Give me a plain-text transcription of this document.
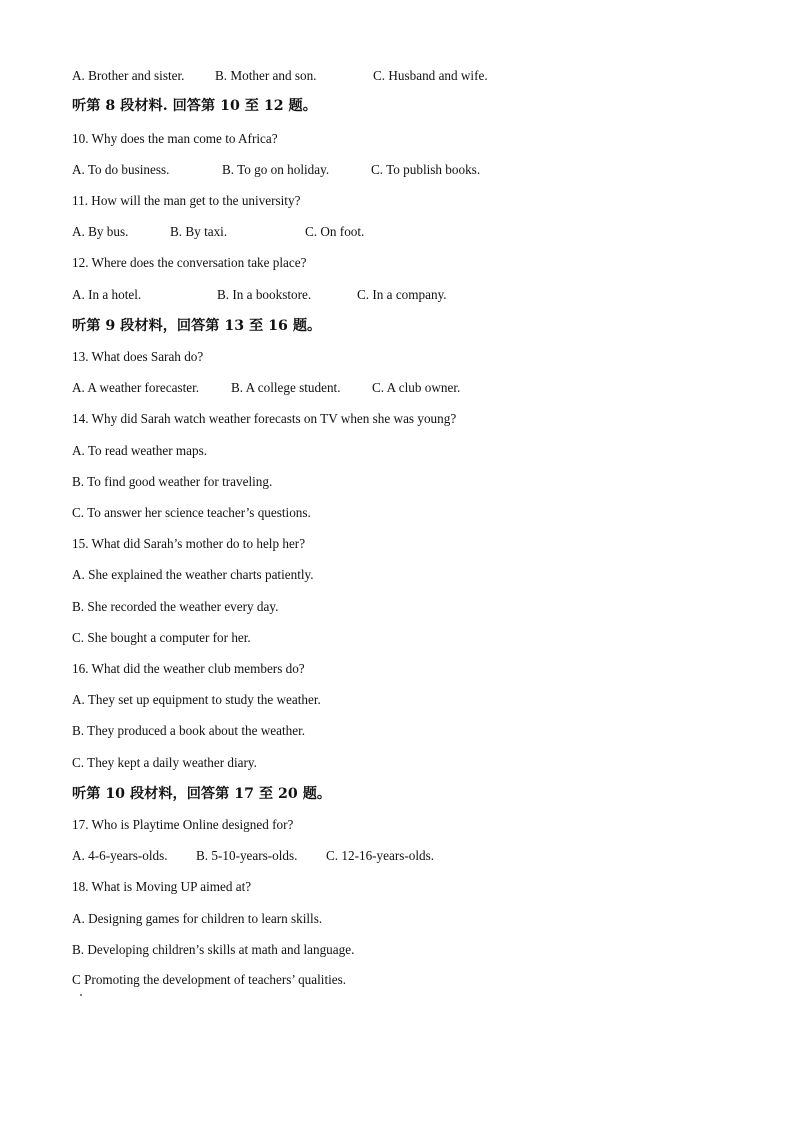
A. Brother and sister. B. Mother and son.	C. Husband and wife.
听第 8 段材料. 回答第 10 至 12 题。
10. Why does the man come to Africa?
A. To do business.	B. To go on holiday.	C. To publish books.
11. How will the man get to the university?
A. By bus.	B. By taxi.	C. On foot.
12. Where does the conversation take place?
A. In a hotel.	B. In a bookstore.	C. In a company.
听第 9 段材料，回答第 13 至 16 题。
13. What does Sarah do?
A. A weather forecaster. B. A college student. C. A club owner.
14. Why did Sarah watch weather forecasts on TV when she was young?
A. To read weather maps.
B. To find good weather for traveling.
C. To answer her science teacher’s questions.
15. What did Sarah’s mother do to help her?
A. She explained the weather charts patiently.
B. She recorded the weather every day.
C. She bought a computer for her.
16. What did the weather club members do?
A. They set up equipment to study the weather.
B. They produced a book about the weather.
C. They kept a daily weather diary.
听第 10 段材料，回答第 17 至 20 题。
17. Who is Playtime Online designed for?
A. 4-6-years-olds. B. 5-10-years-olds. C. 12-16-years-olds.
18. What is Moving UP aimed at?
A. Designing games for children to learn skills.
B. Developing children’s skills at math and language.
C Promoting the development of teachers’ qualities.
